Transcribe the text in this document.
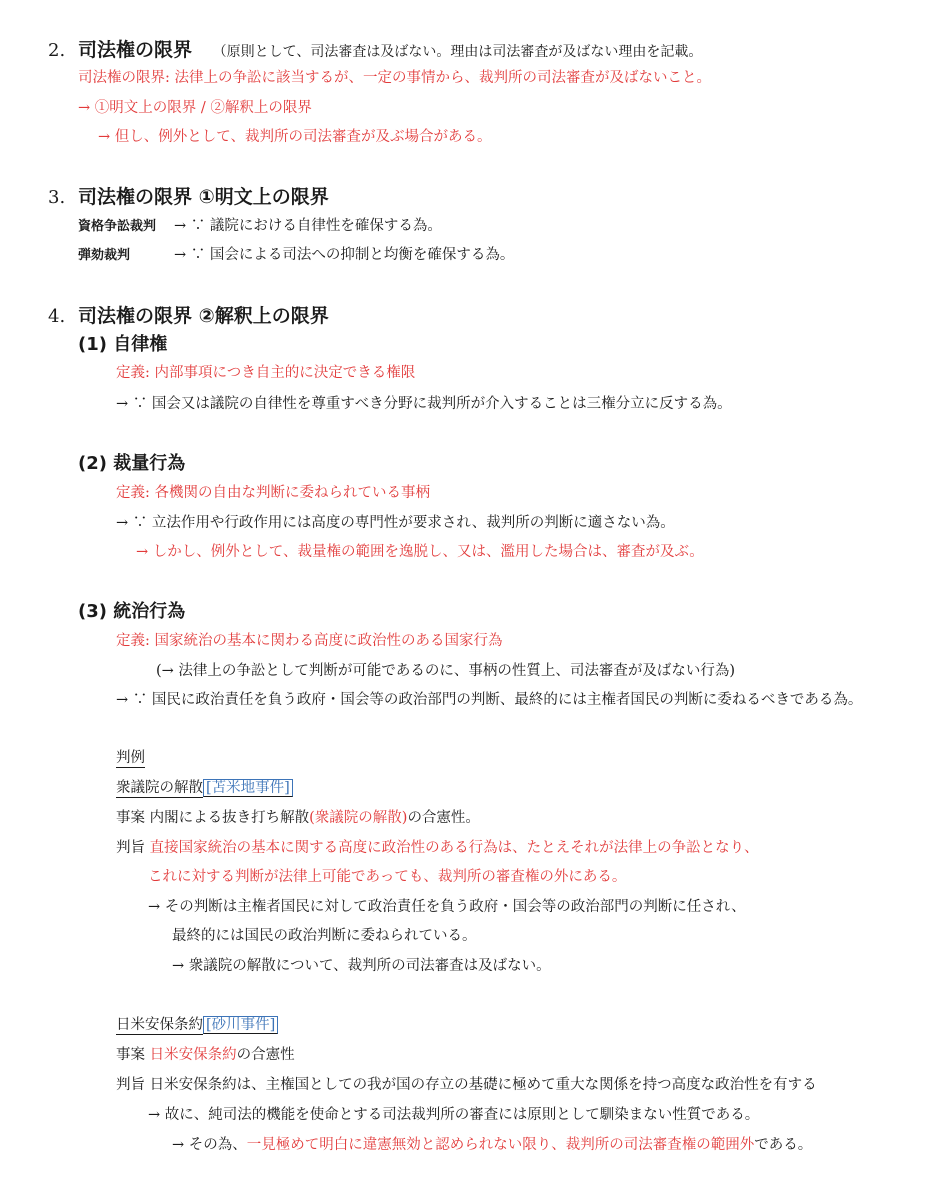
2. 司法権の限界 （原則として、司法審査は及ばない。理由は司法審査が及ばない理由を記載。
司法権の限界: 法律上の争訟に該当するが、一定の事情から、裁判所の司法審査が及ばないこと。
→ ①明文上の限界 / ②解釈上の限界
→ 但し、例外として、裁判所の司法審査が及ぶ場合がある。
3. 司法権の限界 ①明文上の限界
資格争訟裁判 → ∵ 議院における自律性を確保する為。
弾劾裁判	→ ∵ 国会による司法への抑制と均衡を確保する為。
4. 司法権の限界 ②解釈上の限界
(1) 自律権
定義: 内部事項につき自主的に決定できる権限
→ ∵ 国会又は議院の自律性を尊重すべき分野に裁判所が介入することは三権分立に反する為。
(2) 裁量行為
定義: 各機関の自由な判断に委ねられている事柄
→ ∵ 立法作用や行政作用には高度の専門性が要求され、裁判所の判断に適さない為。
→ しかし、例外として、裁量権の範囲を逸脱し、又は、濫用した場合は、審査が及ぶ。
(3) 統治行為
定義: 国家統治の基本に関わる高度に政治性のある国家行為
(→ 法律上の争訟として判断が可能であるのに、事柄の性質上、司法審査が及ばない行為)
→ ∵ 国民に政治責任を負う政府・国会等の政治部門の判断、最終的には主権者国民の判断に委ねるべきである為。
判例
衆議院の解散 [苫米地事件]
事案 内閣による抜き打ち解散(衆議院の解散)の合憲性。
判旨 直接国家統治の基本に関する高度に政治性のある行為は、たとえそれが法律上の争訟となり、
これに対する判断が法律上可能であっても、裁判所の審査権の外にある。
→ その判断は主権者国民に対して政治責任を負う政府・国会等の政治部門の判断に任され、
最終的には国民の政治判断に委ねられている。
→ 衆議院の解散について、裁判所の司法審査は及ばない。
日米安保条約 [砂川事件]
事案 日米安保条約の合憲性
判旨 日米安保条約は、主権国としての我が国の存立の基礎に極めて重大な関係を持つ高度な政治性を有する
→ 故に、純司法的機能を使命とする司法裁判所の審査には原則として馴染まない性質である。
→ その為、一見極めて明白に違憲無効と認められない限り、裁判所の司法審査権の範囲外である。
